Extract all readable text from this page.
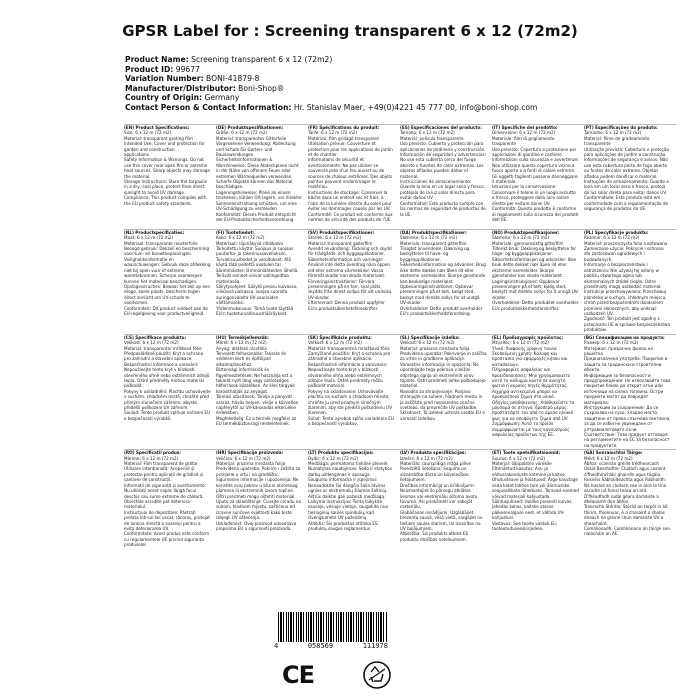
GPSR Label for : Screening transparent 6 x 12 (72m2)
Product Name: Screening transparent 6 x 12 (72m2)
Product ID: 99677
Variation Number: BONI-41879-8
Manufacturer/Distributor: Boni-Shop®
Country of Origin: Germany
Contact Person & Contact Information: Hr. Stanislav Maer, +49(0)4221 45 777 00, info@boni-shop.com
(EN) Product Specifications:
Size: 6 x 12 m (72 m2)
Material: transparent grating film
Intended Use: Cover and protection for garden and construction
applications.
Safety Information & Warnings: Do not use this cover near open fire or extreme heat sources. Sharp objects may damage the material.
Storage Instructions: Store the tarpaulin in a dry, cool place, protect from direct sunlight to avoid UV damage.
Compliance: This product complies with the EU product safety standards.
(DE) Produktspezifikationen:
Größe: 6 x 12 m (72 m2)
Material: transparentes Gitterfolie
Vorgesehene Verwendung: Abdeckung und Schutz für Garten- und Bauanwendungen.
Sicherheitsinformationen & Warnhinweise: Diese Abdeckplane nicht in der Nähe von offenem Feuer oder extremen Wärmequellen verwenden. Scharfe Objekte können das Material beschädigen.
Lagerungshinweise: Plane an einem trockenen, kühlen Ort lagern, vor direkter Sonneneinstrahlung schützen, um eine UV-Schädigung zu vermeiden.
Konformität: Dieses Produkt entspricht der EU-Produktsicherheitsverordnung.
(FR) Spécifications du produit:
Taille: 6 x 12 m (72 m2)
Matériau: film grillagé transparent
Utilisation prévue: Couverture et protection pour les applications de jardin et de chantier.
Informations de sécurité et avertissements: Ne pas utiliser ce couvercle près d'un feu ouvert ou de sources de chaleur extrêmes. Des objets pointus peuvent endommager le matériau.
Instructions de stockage: Conserver la bâche dans un endroit sec et frais, à l'abri de la lumière directe du soleil pour éviter les dommages causés par les UV.
Conformité: Ce produit est conforme aux normes de sécurité des produits de l'UE.
(ES) Especificaciones del producto:
Tamaño: 6 x 12 m (72 m2)
Material: película transparente
Uso previsto: Cubierta y protección para aplicaciones de jardinería y construcción.
Información de seguridad y advertencias: No use esta cubierta cerca del fuego abierto o fuentes de calor extremas. Los objetos afilados pueden dañar el material.
Instrucciones de almacenamiento: Guarde la lona en un lugar seco y fresco, protéjala de la luz solar directa para evitar daños UV.
Conformidad: Este producto cumple con las normas de seguridad de productos de la UE.
(IT) Specifiche del prodotto:
Dimensione: 6 x 12 m (72 m2)
Materiale: film di grigliamento trasparente
Uso previsto: Copertura e protezione per applicazioni di giardino e cantiere.
Informazioni sulla sicurezza e avvertenze: Non utilizzare questa copertura vicino a fuoco aperto o a fonti di calore estreme. Gli oggetti taglienti possono danneggiare il materiale.
Istruzioni per la conservazione: Conservare il telone in un luogo asciutto e fresco, proteggere dalla luce solare diretta per evitare danni UV.
Conformità: Questo prodotto è conforme ai regolamenti sulla sicurezza dei prodotti dell'UE.
(PT) Especificações do produto:
Tamanho: 6 x 12 m (72 m2)
Material: filme de gradeamento transparente
Utilização prevista: Cobertura e proteção para aplicações de jardim e construção.
Informações de segurança e avisos: Não use esta cobertura perto de fogo aberto ou fontes de calor extremo. Objetos afiados podem danificar o material.
Instruções de armazenamento: Guarde a lona em um local seco e fresco, proteja da luz solar direta para evitar danos UV.
Conformidade: Este produto está em conformidade com a regulamentação de segurança de produtos da UE.
(NL) Productspecificaties:
Maat: 6 x 12 m (72 m2)
Materiaal: transparante roosterfolie
Beoogd gebruik: Dekzeil en bescherming voor tuin- en bouwtoepassingen.
Veiligheidsinformatie en waarschuwingen: Gebruik deze afdekking niet bij open vuur of extreme warmtebronnen. Scherpe voorwerpen kunnen het materiaal beschadigen.
Opslaginstructies: Bewaar het zeil op een droge, koele plaats, bescherm tegen direct zonlicht om UV-schade te voorkomen.
Conformiteit: Dit product voldoet aan de EU-regelgeving voor productveiligheid.
(FI) Tuotetiedot:
Koko: 6 x 12 m (72 m2)
Materiaali: läpinäkyvä ritiläkalvo
Tarkoitettu käyttö: Suojaus ja suojaus puutarha- ja rakennussovelluksiin.
Turvallisuustiedot ja varoitukset: Älä käytä tätä peitettä avotulen tai äärimmäisten lämmönlähteiden lähellä. Terävät esineet voivat vahingoittaa materiaalia.
Säilytysohjeet: Säilytä pressu kuivassa, viileässä paikassa, suojaa suoralta auringonvalolta UV-vaurioiden välttämiseksi.
Yhdenmukaisuus: Tämä tuote täyttää EU:n tuoteturvallisuusmääräykset.
(SV) Produktspecifikationer:
Storlek: 6 x 12 m (72 m2)
Material: transparent gallerfilm
Avsedd användning: Täckning och skydd för trädgårds- och byggapplikationer.
Säkerhetsinformation och varningar: Använd inte detta överdrag nära öppen eld eller extrema värmekällor. Vassa föremål skadar kan skada materialet.
Förvaringsinstruktioner: Förvara presenningen på en torr, sval plats, skydda från direkt solljus för att undvika UV-skador.
Efterlevnad: Denna produkt uppfyller EU:s produktsäkerhetsföreskrifter.
(DA) Produktspecifikationer:
Størrelse: 6 x 12 m (72 m2)
Materiale: transparent gitterfilm
Tilsigtet anvendelse: Dækning og beskyttelse til have- og byggeapplikationer.
Sikkerhedsinformation og advarsler: Brug ikke dette dække nær åben ild eller ekstreme varmekilder. Skarpe genstande kan beskadige materialet.
Opbevaringsinstruktioner: Opbevar presenningen på et tørt, køligt sted, beskyt mod direkte sollys for at undgå UV-skader.
Overholdelse: Dette produkt overholder EU's produktsikkerhedsforordning.
(NO) Produktspesifikasjoner:
Størrelse: 6 x 12 m (72 m2)
Materiale: gjennomsiktig gitterfilm
Tiltenkt bruk: Dekking og beskyttelse for hage- og byggeapplikasjoner.
Sikkerhetsinformasjon og advarsler: Ikke bruk dette dekket nær åpen ild eller ekstreme varmekilder. Skarpe gjenstander kan skade materialet.
Lagringsinstruksjoner: Oppbevar presenningen på et tørt, kjølig sted, beskytt mot direkte sollys for å unngå UV-skader.
Overholdelse: Dette produktet overholder EUs produktsikkerhetsforskrifter.
(PL) Specyfikacje produktu:
Rozmiar: 6 x 12 m (72 m2)
Materiał: przezroczysta folia rusztowana
Zamierzone użycie: Pokrycie i ochrona dla zastosowań ogrodowych i budowlanych.
Informacje o bezpieczeństwie i ostrzeżenia: Nie używaj tej osłony w pobliżu otwartego ognia lub ekstremalnych źródeł ciepła. Ostre przedmioty mogą uszkodzić materiał.
Instrukcje przechowywania: Przechowuj plandekę w suchym, chłodnym miejscu, chroń przed bezpośrednim działaniem promieni słonecznych, aby uniknąć uszkodzeń UV.
Zgodność: Ten produkt jest zgodny z przepisami UE w sprawie bezpieczeństwa produktów.
(CS) Specifikace produktu:
Velikost: 6 x 12 m (72 m2)
Materiál: transparentní mřížková fólie
Předpokládané použití: Kryt a ochrana pro zahradní a stavební aplikace.
Bezpečnostní informace a varování: Nepoužívejte tento kryt v blízkosti otevřeného ohně nebo extrémních zdrojů tepla. Ostré předměty mohou materiál poškodit.
Pokyny k uskladnění: Plachtu uchovávejte v suchém, chladném místě, chraňte před přímým slunečním zářením, abyste předešli poškození UV zářením.
Soulad: Tento produkt splňuje nařízení EU o bezpečnosti výrobků.
(HU) Termékjellemzők:
Méret: 6 x 12 m (72 m2)
Anyag: átlátszó rácsfólia
Tervezett felhasználás: Takarás és védelem kerti és építőipari alkalmazásokhoz.
Biztonsági információk és figyelmeztetések: Ne használja ezt a takarót nyílt láng vagy szélsőséges hőforrások közelében. Az éles tárgyak károsíthatják az anyagot.
Tárolási utasítások: Tárolja a ponyvát száraz, hűvös helyen, védje a közvetlen napfénytől az UV-károsodás elkerülése érdekében.
Megfelelőség: Ez a termék megfelel az EU termékbiztonsági rendeleteinek.
(SK) Špecifikácie produktu:
Veľkosť: 6 x 12 m (72 m2)
Materiál: transparentná mriežková fólia
Zamýšľané použitie: Kryt a ochrana pre záhradné a stavebné aplikácie.
Bezpečnostné informácie a varovania: Nepoužívajte tento kryt v blízkosti otvoreného ohňa alebo extrémnych zdrojov tepla. Ostré predmety môžu poškodiť materiál.
Pokyny na skladovanie: Uchovávajte plachtu na suchom a chladnom mieste, chráňte ju pred priamym slnečným žiarením, aby ste predišli poškodeniu UV žiarením.
Súlad: Tento výrobok spĺňa nariadenia EÚ o bezpečnosti výrobkov.
(SL) Specifikacije izdelka:
Velikost: 6 x 12 m (72 m2)
Material: prozorna mrežasta folija
Predvidena uporaba: Pokrivanje in zaščita za vrtne in gradbene aplikacije.
Varnostne informacije in opozorila: Ne uporabljajte tega pokrova v bližini odprtega ognja ali ekstremnih virov toplote. Ostri predmeti lahko poškodujejo material.
Navodila za shranjevanje: Ponjavo shranjujte na suhem, hladnem mestu in jo zaščitite pred neposredno sončno svetlobo, da preprečite UV poškodbe.
Skladnost: Ta izdelek ustreza uredbi EU o varnosti izdelkov.
(EL) Προδιαγραφές προϊόντος:
Μέγεθος: 6 x 12 m (72 m2)
Υλικό: διαφανής γρίφινη ταινία
Σκοπούμενη χρήση: Κάλυψη και προστασία για εφαρμογές κήπου και κατασκευών.
Πληροφορίες ασφαλείας και προειδοποιήσεις: Μην χρησιμοποιείτε αυτό το κάλυμμα κοντά σε ανοιχτή φωτιά ή ακραίες πηγές θερμότητας. Αιχμηρά αντικείμενα μπορεί να προκαλέσουν ζημιά στο υλικό.
Οδηγίες αποθήκευσης: Αποθηκεύστε το μουσαμά σε στεγνό, δροσερό μέρος, προστατέψτε τον από το άμεσο ηλιακό φως για να αποφύγετε ζημιά από UV.
Συμμόρφωση: Αυτό το προϊόν συμμορφώνεται με τους κανονισμούς ασφαλείας προϊόντων της ΕΕ.
(BG) Спецификации на продукта:
Размер: 6 x 12 m (72 m2)
Материал: прозрачно фолио на решетка
Предназначена употреба: Покритие и защита за градински и строителни обекти.
Информация за безопасност и предупреждения: Не използвайте това покритие близо до открит огън или източници на силна топлина. Остри предмети могат да повредят материала.
Инструкции за съхранение: Да се съхранява на сухо, хладно място, защитено от пряка слънчева светлина, за да се избегне увреждане от ултравиолетовите лъчи.
Съответствие: Този продукт отговаря на регламентите на ЕС за безопасност на продуктите.
(RO) Specificații produs:
Mărime: 6 x 12 m (72 m2)
Material: Film transparent de grătar
Utilizare intenționată: Acoperire și protecție pentru aplicații de grădină și șantiere de construcții.
Informații de siguranță și avertismente: Nu utilizați acest capac lângă focul deschis sau surse extreme de căldură. Obiectele ascuțite pot deteriora materialul.
Instrucțiuni de depozitare: Păstrați prelata într-un loc uscat, răcoros, protejat de lumina directă a soarelui pentru a evita deteriorarea UV.
Conformitate: Acest produs este conform cu regulamentele UE privind siguranța produselor.
(HR) Specifikacije proizvoda:
Veličina: 6 x 12 m (72 m2)
Materijal: prozirna mrežasta folija
Predviđena upotreba: Pokriće i zaštita za primjene u vrtu i na gradilištu.
Sigurnosne informacije i upozorenja: Ne koristite ovaj pokrov u blizini otvorenog plamena ili ekstremnih izvora topline. Oštri predmeti mogu oštetiti materijal.
Upute za skladištenje: Čuvajte ceradu na suhom, hladnom mjestu, zaštićenu od izravne sunčeve svjetlosti kako biste izbjegli UV oštećenja.
Usklađenost: Ovaj proizvod udovoljava propisima EU o sigurnosti proizvoda.
(LT) Produkto specifikacijos:
Dydis: 6 x 12 m (72 m2)
Medžiaga: permatoma tinklinė plėvelė
Numatytas naudojimas: Sodo ir statybos darbų uždengimas ir apsauga.
Saugumo informacija ir įspėjimai: Nenaudokite šio dangčio šalia atviros ugnies ar ekstremalių šilumos šaltinių. Aštrūs daiktai gali pažeisti medžiagą.
Laikymo instrukcijos: Tentą laikykite sausoje, vėsioje vietoje, saugokite nuo tiesioginių saulės spindulių, kad išvengtumėte UV pažeidimų.
Atitiktis: Šis produktas atitinka ES produktų saugos reglamentus.
(LV) Produkta specifikācijas:
Izmērs: 6 x 12 m (72 m2)
Materiāls: caurspīdīga režģa plēve
Paredzētā lietošana: Segums un aizsardzība dārza un būvniecības lietojumiem.
Drošības informācija un brīdinājumi: Neizmantojiet šo pārsegu atklātas liesmas vai ekstremālu siltuma avotu tuvumā. Asi priekšmeti var sabojāt materiālu.
Glabāšanas norādījumi: Uzglabājiet brezentu sausā, vēsā vietā, sargājiet no tiešiem saules stariem, lai izvairītos no UV bojājumiem.
Atbilstība: Šis produkts atbilst ES produktu drošības noteikumiem.
(ET) Toote spetsifikatsioonid:
Suurus: 6 x 12 m (72 m2)
Materjal: läbipaistev võrekile
Ettenähtud kasutus: Aia- ja ehitusrakenduste katmine ja kaitse.
Ohutusteave ja hoiatused: Ärge kasutage seda katet lahtise tule või äärmuslike soojusallikate läheduses. Teravad esemed võivad materjali kahjustada.
Säilitusjuhised: Hoidke presenti kuivas, jahedas kohas, kaitske otsese päikesevalguse eest, et vältida UV-kahjustusi.
Vastavus: See toode vastab ELi tooteohutuseeskirjadele.
(GA) Sonraíochtaí Táirge:
Méid: 6 x 12 m (72 m2)
Ábhar: scannán greille trédhearcach
Úsáid Beartaithe: Clúdach agus cosaint d'fheidhmchláir ghairdín agus tógála.
Faisnéis Sábháilteachta agus Rabhaidh: Ná húsáid an clúdach seo in aice le tine oscailte nó foinsí teasa an-ard. D'fhéadfadh rudaí géara damáiste a dhéanamh don ábhar.
Treoracha Stórála: Stóráil an tarpól in áit thirim, fhionnuar, é a chosaint ó sholas díreach na gréine chun damáiste UV a sheachaint.
Comhlíonadh: Comhlíonann an táirge seo rialacháin an AE.
4	058569	111978
CE
